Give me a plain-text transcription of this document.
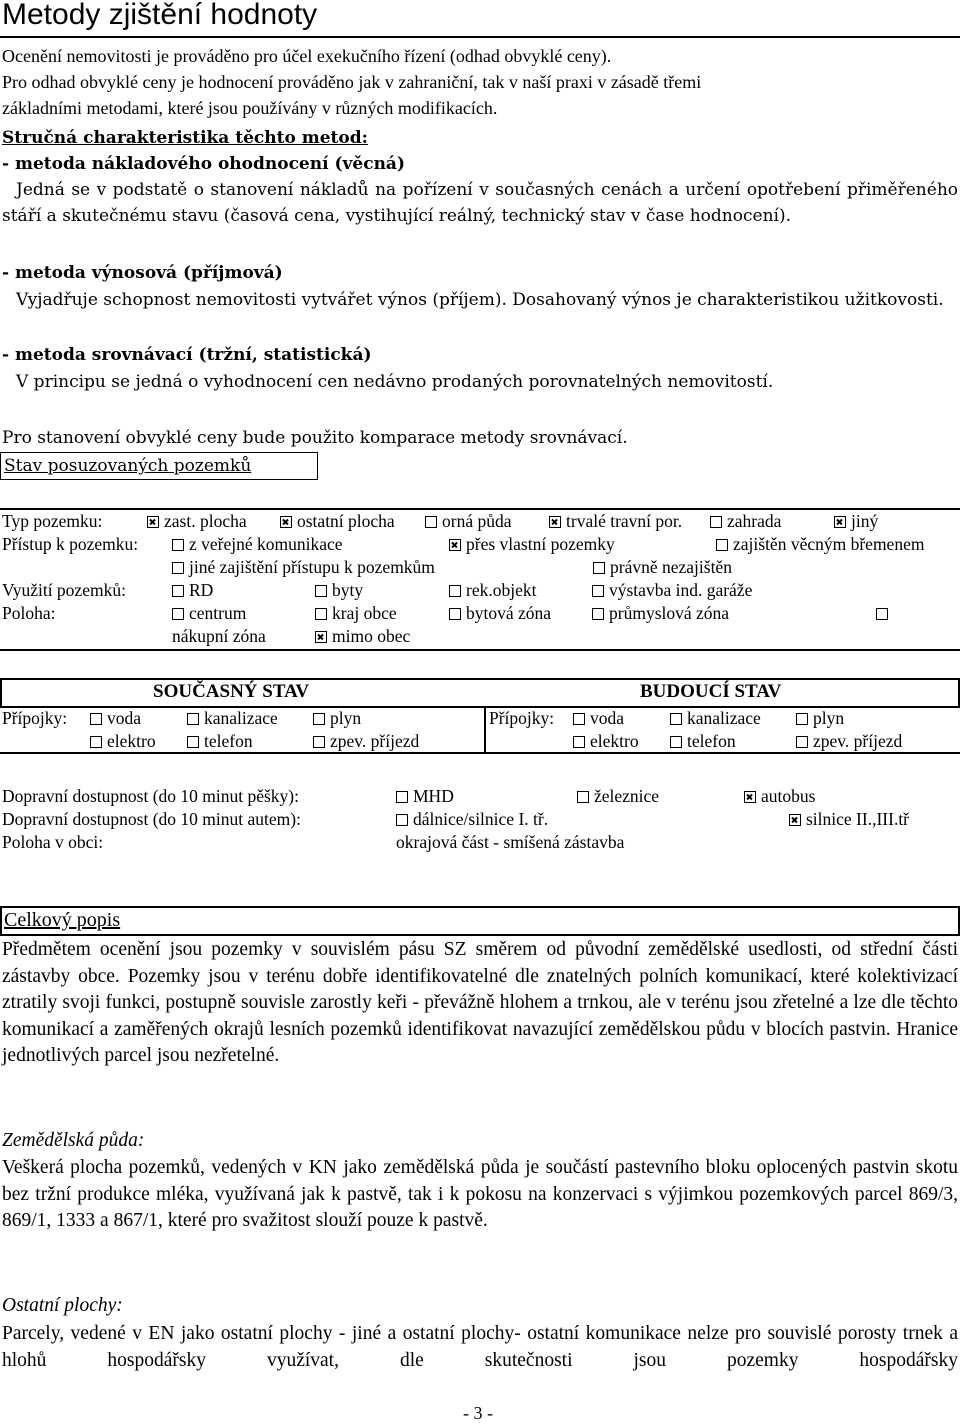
Metody zjištění hodnoty
Ocenění nemovitosti je prováděno pro účel exekučního řízení (odhad obvyklé ceny).
Pro odhad obvyklé ceny je hodnocení prováděno jak v zahraniční, tak v naší praxi v zásadě třemi
základními metodami, které jsou používány v různých modifikacích.
Stručná charakteristika těchto metod:
- metoda nákladového ohodnocení (věcná)
Jedná se v podstatě o stanovení nákladů na pořízení v současných cenách a určení opotřebení přiměřeného stáří a skutečnému stavu (časová cena, vystihující reálný, technický stav v čase hodnocení).
- metoda výnosová (příjmová)
Vyjadřuje schopnost nemovitosti vytvářet výnos (příjem). Dosahovaný výnos je charakteristikou užitkovosti.
- metoda srovnávací (tržní, statistická)
V principu se jedná o vyhodnocení cen nedávno prodaných porovnatelných nemovitostí.
Pro stanovení obvyklé ceny bude použito komparace metody srovnávací.
Stav posuzovaných pozemků
Typ pozemku:	zast. plocha	ostatní plocha	orná půda	trvalé travní por.	zahrada	jiný
Přístup k pozemku:	z veřejné komunikace	přes vlastní pozemky	zajištěn věcným břemenem
jiné zajištění přístupu k pozemkům	právně nezajištěn
Využití pozemků:	RD	byty	rek.objekt	výstavba ind. garáže
Poloha:	centrum	kraj obce	bytová zóna	průmyslová zóna
nákupní zóna	mimo obec
SOUČASNÝ STAV	BUDOUCÍ STAV
Přípojky:	voda	kanalizace	plyn
elektro	telefon	zpev. příjezd
Přípojky:	voda	kanalizace	plyn
elektro	telefon	zpev. příjezd
Dopravní dostupnost (do 10 minut pěšky):	MHD	železnice	autobus
Dopravní dostupnost (do 10 minut autem):	dálnice/silnice I. tř.	silnice II.,III.tř
Poloha v obci:	okrajová část - smíšená zástavba
Celkový popis
Předmětem ocenění jsou pozemky v souvislém pásu SZ směrem od původní zemědělské usedlosti, od střední části zástavby obce. Pozemky jsou v terénu dobře identifikovatelné dle znatelných polních komunikací, které kolektivizací ztratily svoji funkci, postupně souvisle zarostly keři - převážně hlohem a trnkou, ale v terénu jsou zřetelné a lze dle těchto komunikací a zaměřených okrajů lesních pozemků identifikovat navazující zemědělskou půdu v blocích pastvin. Hranice jednotlivých parcel jsou nezřetelné.
Zemědělská půda:
Veškerá plocha pozemků, vedených v KN jako zemědělská půda je součástí pastevního bloku oplocených pastvin skotu bez tržní produkce mléka, využívaná jak k pastvě, tak i k pokosu na konzervaci s výjimkou pozemkových parcel 869/3, 869/1, 1333 a 867/1, které pro svažitost slouží pouze k pastvě.
Ostatní plochy:
Parcely, vedené v EN jako ostatní plochy - jiné a ostatní plochy- ostatní komunikace nelze pro souvislé porosty trnek a hlohů hospodářsky využívat, dle skutečnosti jsou pozemky hospodářsky
- 3 -
